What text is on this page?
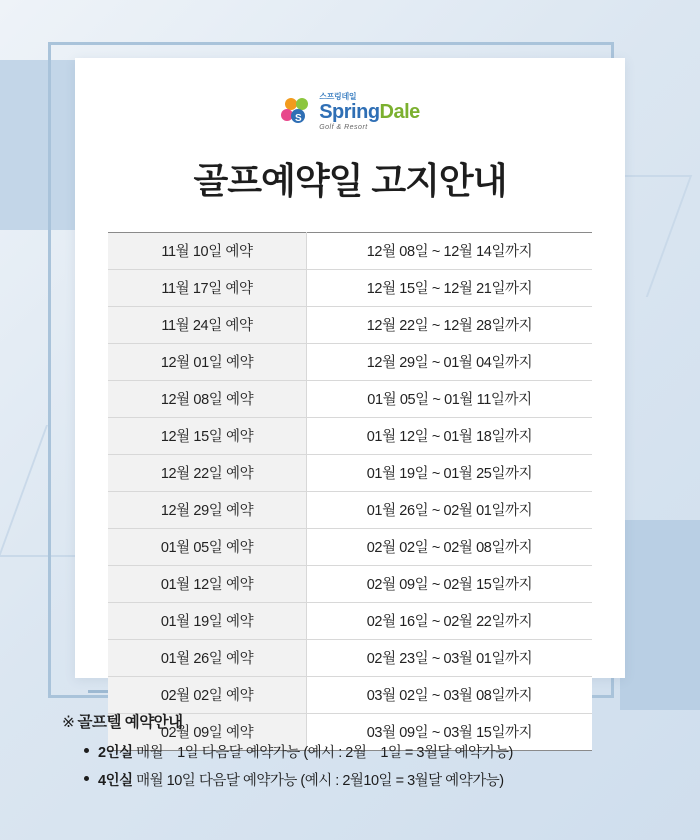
S
스프링데일
SpringDale
Golf & Resort
골프예약일 고지안내
11월 10일 예약	12월 08일 ~ 12월 14일까지
11월 17일 예약	12월 15일 ~ 12월 21일까지
11월 24일 예약	12월 22일 ~ 12월 28일까지
12월 01일 예약	12월 29일 ~ 01월 04일까지
12월 08일 예약	01월 05일 ~ 01월 11일까지
12월 15일 예약	01월 12일 ~ 01월 18일까지
12월 22일 예약	01월 19일 ~ 01월 25일까지
12월 29일 예약	01월 26일 ~ 02월 01일까지
01월 05일 예약	02월 02일 ~ 02월 08일까지
01월 12일 예약	02월 09일 ~ 02월 15일까지
01월 19일 예약	02월 16일 ~ 02월 22일까지
01월 26일 예약	02월 23일 ~ 03월 01일까지
02월 02일 예약	03월 02일 ~ 03월 08일까지
02월 09일 예약	03월 09일 ~ 03월 15일까지
※ 골프텔 예약안내
2인실 매월　1일 다음달 예약가능 (예시 : 2월　1일 = 3월달 예약가능)
4인실 매월 10일 다음달 예약가능 (예시 : 2월10일 = 3월달 예약가능)
